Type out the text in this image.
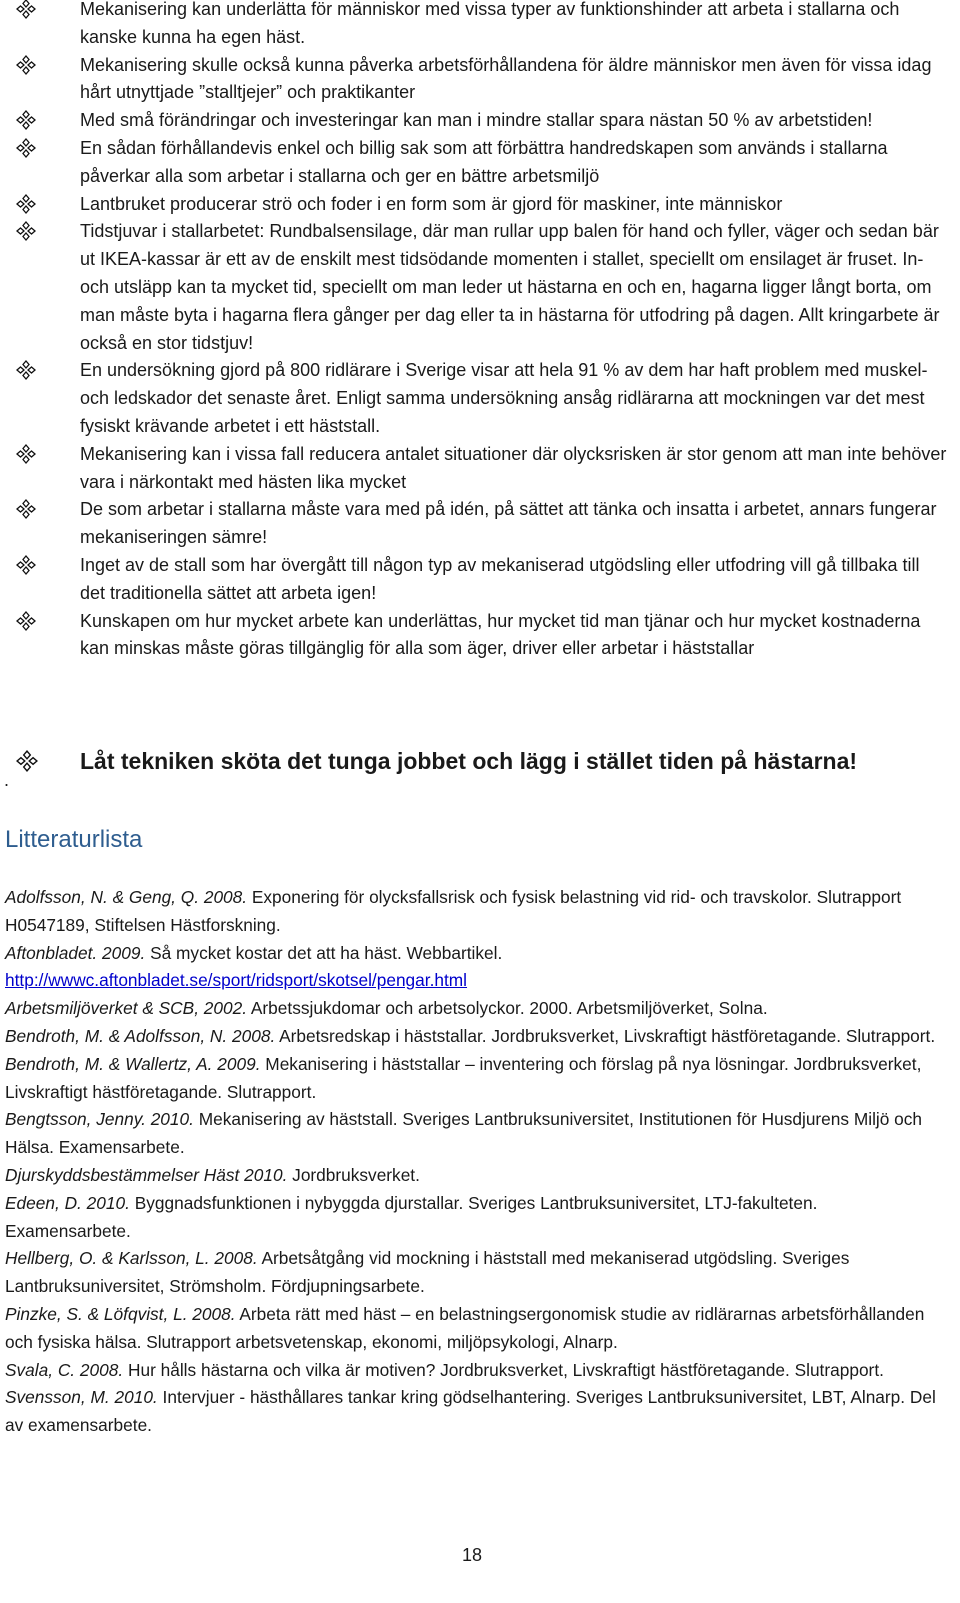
Mekanisering kan underlätta för människor med vissa typer av funktionshinder att arbeta i stallarna och kanske kunna ha egen häst.
Mekanisering skulle också kunna påverka arbetsförhållandena för äldre människor men även för vissa idag hårt utnyttjade ”stalltjejer” och praktikanter
Med små förändringar och investeringar kan man i mindre stallar spara nästan 50 % av arbetstiden!
En sådan förhållandevis enkel och billig sak som att förbättra handredskapen som används i stallarna påverkar alla som arbetar i stallarna och ger en bättre arbetsmiljö
Lantbruket producerar strö och foder i en form som är gjord för maskiner, inte människor
Tidstjuvar i stallarbetet: Rundbalsensilage, där man rullar upp balen för hand och fyller, väger och sedan bär ut IKEA-kassar är ett av de enskilt mest tidsödande momenten i stallet, speciellt om ensilaget är fruset. In- och utsläpp kan ta mycket tid, speciellt om man leder ut hästarna en och en, hagarna ligger långt borta, om man måste byta i hagarna flera gånger per dag eller ta in hästarna för utfodring på dagen. Allt kringarbete är också en stor tidstjuv!
En undersökning gjord på 800 ridlärare i Sverige visar att hela 91 % av dem har haft problem med muskel- och ledskador det senaste året. Enligt samma undersökning ansåg ridlärarna att mockningen var det mest fysiskt krävande arbetet i ett häststall.
Mekanisering kan i vissa fall reducera antalet situationer där olycksrisken är stor genom att man inte behöver vara i närkontakt med hästen lika mycket
De som arbetar i stallarna måste vara med på idén, på sättet att tänka och insatta i arbetet, annars fungerar mekaniseringen sämre!
Inget av de stall som har övergått till någon typ av mekaniserad utgödsling eller utfodring vill gå tillbaka till det traditionella sättet att arbeta igen!
Kunskapen om hur mycket arbete kan underlättas, hur mycket tid man tjänar och hur mycket kostnaderna kan minskas måste göras tillgänglig för alla som äger, driver eller arbetar i häststallar
Låt tekniken sköta det tunga jobbet och lägg i stället tiden på hästarna!
.
Litteraturlista

Adolfsson, N. & Geng, Q. 2008. Exponering för olycksfallsrisk och fysisk belastning vid rid- och travskolor. Slutrapport H0547189, Stiftelsen Hästforskning.

Aftonbladet. 2009. Så mycket kostar det att ha häst. Webbartikel.
http://wwwc.aftonbladet.se/sport/ridsport/skotsel/pengar.html

Arbetsmiljöverket & SCB, 2002. Arbetssjukdomar och arbetsolyckor. 2000. Arbetsmiljöverket, Solna.

Bendroth, M. & Adolfsson, N. 2008. Arbetsredskap i häststallar. Jordbruksverket, Livskraftigt hästföretagande. Slutrapport.

Bendroth, M. & Wallertz, A. 2009. Mekanisering i häststallar – inventering och förslag på nya lösningar. Jordbruksverket, Livskraftigt hästföretagande. Slutrapport.

Bengtsson, Jenny. 2010. Mekanisering av häststall. Sveriges Lantbruksuniversitet, Institutionen för Husdjurens Miljö och Hälsa. Examensarbete.

Djurskyddsbestämmelser Häst 2010. Jordbruksverket.

Edeen, D. 2010. Byggnadsfunktionen i nybyggda djurstallar. Sveriges Lantbruksuniversitet, LTJ-fakulteten. Examensarbete.

Hellberg, O. & Karlsson, L. 2008. Arbetsåtgång vid mockning i häststall med mekaniserad utgödsling. Sveriges Lantbruksuniversitet, Strömsholm. Fördjupningsarbete.

Pinzke, S. & Löfqvist, L. 2008. Arbeta rätt med häst – en belastningsergonomisk studie av ridlärarnas arbetsförhållanden och fysiska hälsa. Slutrapport arbetsvetenskap, ekonomi, miljöpsykologi, Alnarp.

Svala, C. 2008. Hur hålls hästarna och vilka är motiven? Jordbruksverket, Livskraftigt hästföretagande. Slutrapport.

Svensson, M. 2010. Intervjuer - hästhållares tankar kring gödselhantering. Sveriges Lantbruksuniversitet, LBT, Alnarp. Del av examensarbete.

18
